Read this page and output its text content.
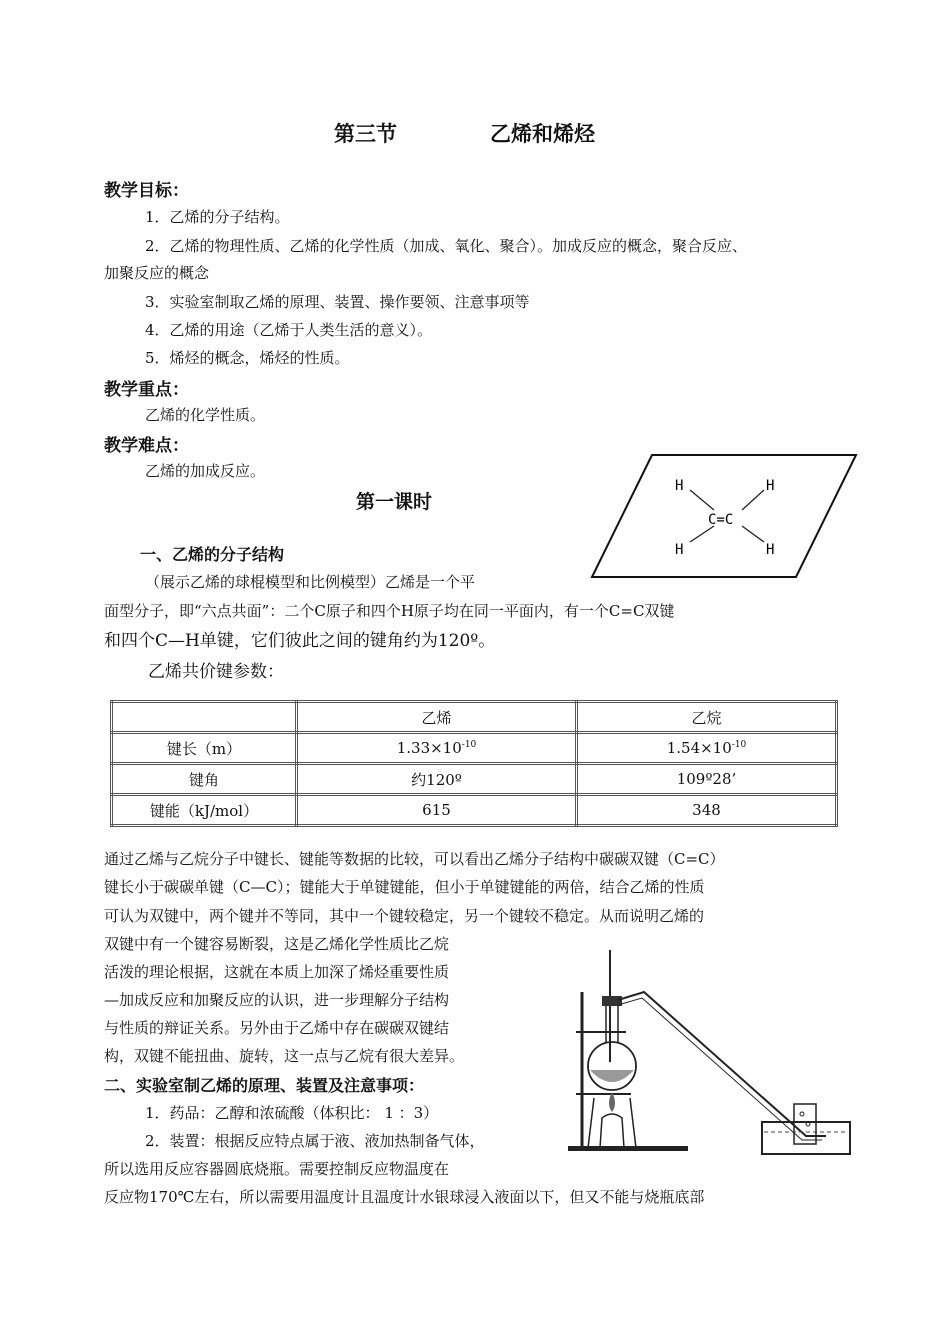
第三节	乙烯和烯烃
教学目标：
1．乙烯的分子结构。
2．乙烯的物理性质、乙烯的化学性质（加成、氧化、聚合）。加成反应的概念，聚合反应、
加聚反应的概念
3．实验室制取乙烯的原理、装置、操作要领、注意事项等
4．乙烯的用途（乙烯于人类生活的意义）。
5．烯烃的概念，烯烃的性质。
教学重点：
乙烯的化学性质。
教学难点：
乙烯的加成反应。
H	H
H	H
C=C
第一课时
一、乙烯的分子结构
（展示乙烯的球棍模型和比例模型）乙烯是一个平
面型分子，即“六点共面”：二个C原子和四个H原子均在同一平面内，有一个C=C双键
和四个C—H单键，它们彼此之间的键角约为120º。
乙烯共价键参数：
	乙烯	乙烷
键长（m）	$1.33\times 10^{-10}$	$1.54\times 10^{-10}$
键角	约120º	109º28’
键能（kJ/mol）	615	348
通过乙烯与乙烷分子中键长、键能等数据的比较，可以看出乙烯分子结构中碳碳双键（C=C）
键长小于碳碳单键（C—C）；键能大于单键键能，但小于单键键能的两倍，结合乙烯的性质
可认为双键中，两个键并不等同，其中一个键较稳定，另一个键较不稳定。从而说明乙烯的
双键中有一个键容易断裂，这是乙烯化学性质比乙烷
活泼的理论根据，这就在本质上加深了烯烃重要性质
—加成反应和加聚反应的认识，进一步理解分子结构
与性质的辩证关系。另外由于乙烯中存在碳碳双键结
构，双键不能扭曲、旋转，这一点与乙烷有很大差异。
二、实验室制乙烯的原理、装置及注意事项：
1．药品：乙醇和浓硫酸（体积比： 1 ：3）
2．装置：根据反应特点属于液、液加热制备气体，
所以选用反应容器圆底烧瓶。需要控制反应物温度在
反应物170℃左右，所以需要用温度计且温度计水银球浸入液面以下，但又不能与烧瓶底部
